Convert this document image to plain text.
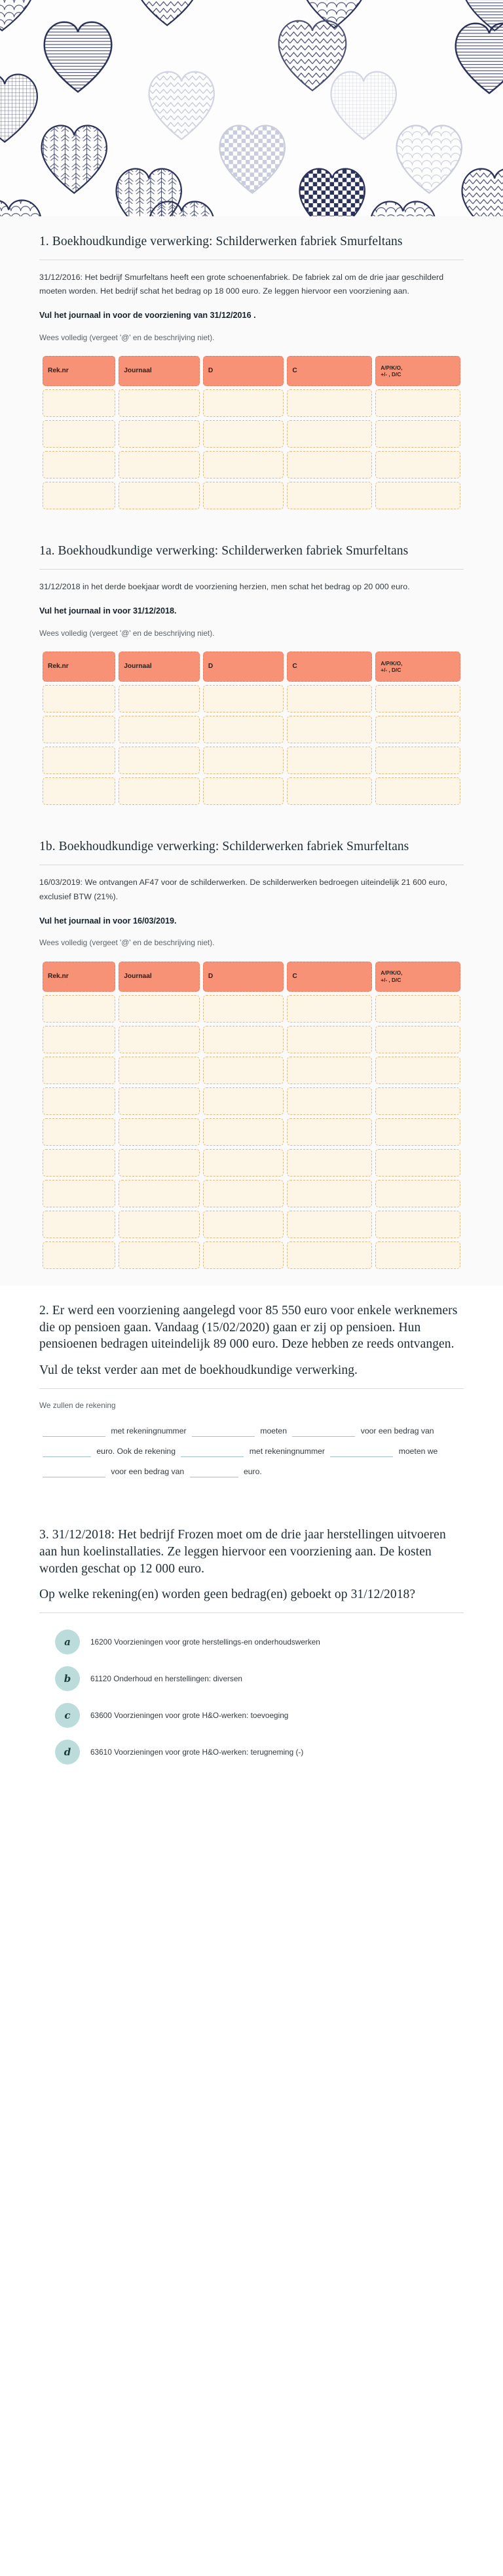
1. Boekhoudkundige verwerking: Schilderwerken fabriek Smurfeltans

31/12/2016: Het bedrijf Smurfeltans heeft een grote schoenenfabriek. De fabriek zal om de drie jaar geschilderd moeten worden. Het bedrijf schat het bedrag op 18 000 euro. Ze leggen hiervoor een voorziening aan.

Vul het journaal in voor de voorziening van 31/12/2016 .

Wees volledig (vergeet '@' en de beschrijving niet).

Rek.nr	Journaal	D	C	A/P/K/O,
+/- , D/C

1a. Boekhoudkundige verwerking: Schilderwerken fabriek Smurfeltans

31/12/2018 in het derde boekjaar wordt de voorziening herzien, men schat het bedrag op 20 000 euro.

Vul het journaal in voor 31/12/2018.

Wees volledig (vergeet '@' en de beschrijving niet).

Rek.nr	Journaal	D	C	A/P/K/O,
+/- , D/C

1b. Boekhoudkundige verwerking: Schilderwerken fabriek Smurfeltans

16/03/2019: We ontvangen AF47 voor de schilderwerken. De schilderwerken bedroegen uiteindelijk 21 600 euro, exclusief BTW (21%).

Vul het journaal in voor 16/03/2019.

Wees volledig (vergeet '@' en de beschrijving niet).

Rek.nr	Journaal	D	C	A/P/K/O,
+/- , D/C

2. Er werd een voorziening aangelegd voor 85 550 euro voor enkele werknemers die op pensioen gaan. Vandaag (15/02/2020) gaan er zij op pensioen. Hun pensioenen bedragen uiteindelijk 89 000 euro. Deze hebben ze reeds ontvangen.
Vul de tekst verder aan met de boekhoudkundige verwerking.

We zullen de rekening

met rekeningnummer	moeten	voor een bedrag van  euro. Ook de rekening	met rekeningnummer	moeten we  voor een bedrag van	euro.
3. 31/12/2018: Het bedrijf Frozen moet om de drie jaar herstellingen uitvoeren aan hun koelinstallaties. Ze leggen hiervoor een voorziening aan. De kosten worden geschat op 12 000 euro.
Op welke rekening(en) worden geen bedrag(en) geboekt op 31/12/2018?
a	16200 Voorzieningen voor grote herstellings-en onderhoudswerken
b	61120 Onderhoud en herstellingen: diversen
c	63600 Voorzieningen voor grote H&O-werken: toevoeging
d	63610 Voorzieningen voor grote H&O-werken: terugneming (-)
